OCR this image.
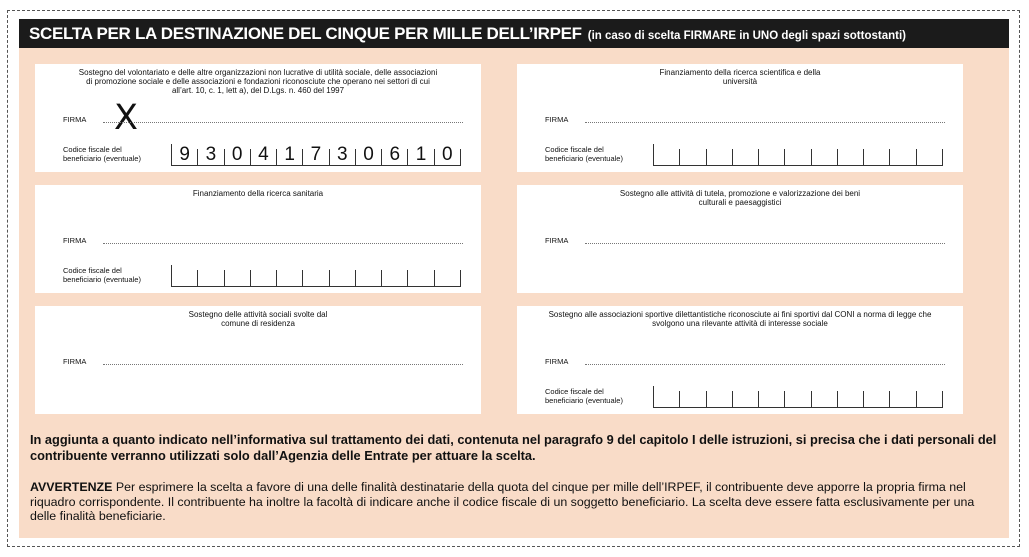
SCELTA PER LA DESTINAZIONE DEL CINQUE PER MILLE DELL’IRPEF (in caso di scelta FIRMARE in UNO degli spazi sottostanti)
Sostegno del volontariato e delle altre organizzazioni non lucrative di utilità sociale, delle associazioni di promozione sociale e delle associazioni e fondazioni riconosciute che operano nei settori di cui all’art. 10, c. 1, lett a), del D.Lgs. n. 460 del 1997
FIRMA X
Codice fiscale del
beneficiario (eventuale)	9 3 0 4 1 7 3 0 6 1 0
Finanziamento della ricerca scientifica e della università
FIRMA
Codice fiscale del
beneficiario (eventuale)
Finanziamento della ricerca sanitaria
FIRMA
Codice fiscale del
beneficiario (eventuale)
Sostegno alle attività di tutela, promozione e valorizzazione dei beni culturali e paesaggistici
FIRMA
Sostegno delle attività sociali svolte dal comune di residenza
FIRMA
Sostegno alle associazioni sportive dilettantistiche riconosciute ai fini sportivi dal CONI a norma di legge che svolgono una rilevante attività di interesse sociale
FIRMA
Codice fiscale del
beneficiario (eventuale)
In aggiunta a quanto indicato nell’informativa sul trattamento dei dati, contenuta nel paragrafo 9 del capitolo I delle istruzioni, si precisa che i dati personali del contribuente verranno utilizzati solo dall’Agenzia delle Entrate per attuare la scelta.
AVVERTENZE Per esprimere la scelta a favore di una delle finalità destinatarie della quota del cinque per mille dell’IRPEF, il contribuente deve apporre la propria firma nel riquadro corrispondente. Il contribuente ha inoltre la facoltà di indicare anche il codice fiscale di un soggetto beneficiario. La scelta deve essere fatta esclusivamente per una delle finalità beneficiarie.
